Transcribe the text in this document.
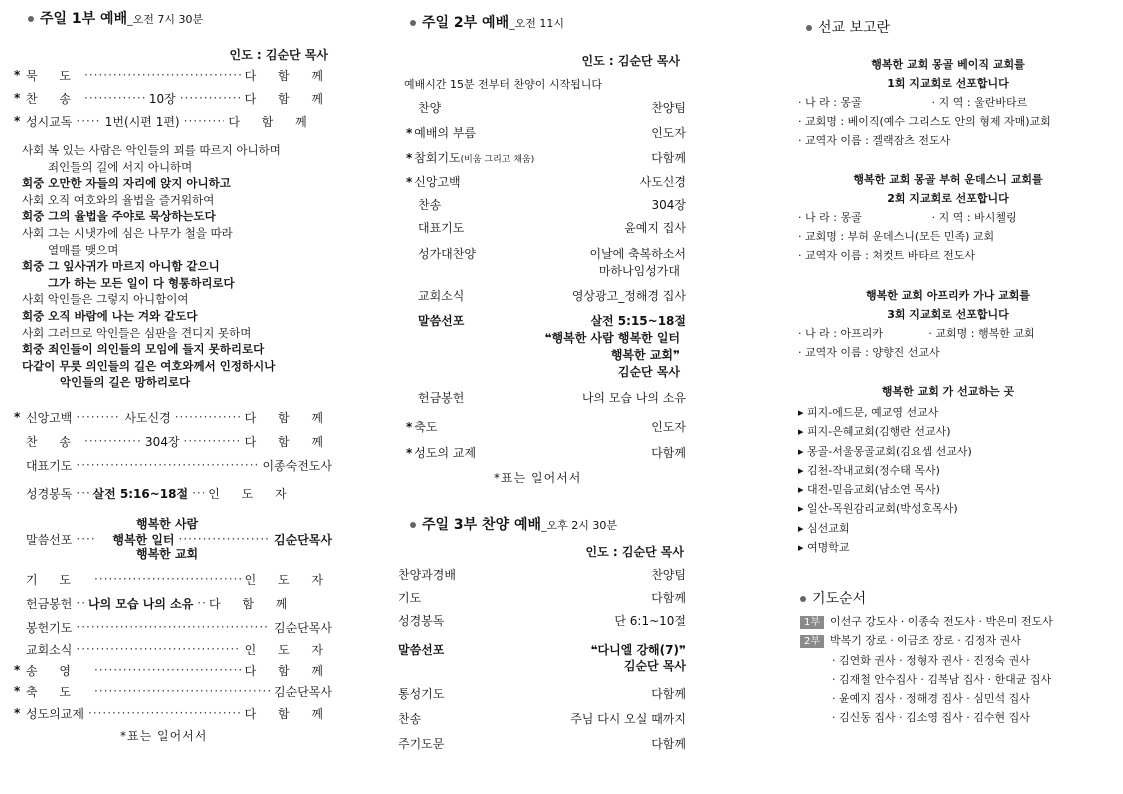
주일 1부 예배_오전 7시 30분
인도 : 김순단 목사
* 묵 도 ·····	다 함 께
* 찬 송 ·····	10장 ·····	다 함 께
* 성시교독 ·····	1번(시편 1편) ·····	다 함 께
사회 복 있는 사람은 악인들의 꾀를 따르지 아니하며
죄인들의 길에 서지 아니하며
회중 오만한 자들의 자리에 앉지 아니하고
사회 오직 여호와의 율법을 즐거워하여
회중 그의 율법을 주야로 묵상하는도다
사회 그는 시냇가에 심은 나무가 철을 따라
열매를 맺으며
회중 그 잎사귀가 마르지 아니함 같으니
그가 하는 모든 일이 다 형통하리로다
사회 악인들은 그렇지 아니함이여
회중 오직 바람에 나는 겨와 같도다
사회 그러므로 악인들은 심판을 견디지 못하며
회중 죄인들이 의인들의 모임에 들지 못하리로다
다같이 무릇 의인들의 길은 여호와께서 인정하시나
악인들의 길은 망하리로다
* 신앙고백 ·····	사도신경 ·····	다 함 께
찬 송 ·····	304장 ·····	다 함 께
대표기도 ·····	이종숙전도사
성경봉독 ····· 살전 5:16~18절 ····· 인 도 자
행복한 사람
말씀선포 ·····	행복한 일터 ·····	김순단목사
행복한 교회
기 도 ·····	인 도 자
헌금봉헌 ····· 나의 모습 나의 소유 ····· 다 함 께
봉헌기도 ·····	김순단목사
교회소식 ·····	인 도 자
* 송 영 ·····	다 함 께
* 축 도 ·····	김순단목사
* 성도의교제 ·····	다 함 께
*표는 일어서서
주일 2부 예배_오전 11시
인도 : 김순단 목사
예배시간 15분 전부터 찬양이 시작됩니다
찬양	찬양팀
* 예배의 부름	인도자
* 참회기도(비움 그리고 채움)	다함께
* 신앙고백	사도신경
찬송	304장
대표기도	윤예지 집사
성가대찬양	이날에 축복하소서
마하나임성가대
교회소식	영상광고_정해경 집사
말씀선포	살전 5:15~18절
❝행복한 사람 행복한 일터
행복한 교회❞
김순단 목사
헌금봉헌	나의 모습 나의 소유
* 축도	인도자
* 성도의 교제	다함께
*표는 일어서서
주일 3부 찬양 예배_오후 2시 30분
인도 : 김순단 목사
찬양과경배	찬양팀
기도	다함께
성경봉독	단 6:1~10절
말씀선포	❝다니엘 강해(7)❞
김순단 목사
통성기도	다함께
찬송	주님 다시 오실 때까지
주기도문	다함께
선교 보고란
행복한 교회 몽골 베이직 교회를
1회 지교회로 선포합니다
· 나 라 : 몽골                    · 지 역 : 울란바타르
· 교회명 : 베이직(예수 그리스도 안의 형제 자매)교회
· 교역자 이름 : 겔랙잠츠 전도사
행복한 교회 몽골 부허 운데스니 교회를
2회 지교회로 선포합니다
· 나 라 : 몽골                    · 지 역 : 바시첼링
· 교회명 : 부허 운데스니(모든 민족) 교회
· 교역자 이름 : 쳐컷트 바타르 전도사
행복한 교회 아프리카 가나 교회를
3회 지교회로 선포합니다
· 나 라 : 아프리카             · 교회명 : 행복한 교회
· 교역자 이름 : 양향진 선교사
행복한 교회 가 선교하는 곳
▸ 피지-에드문, 예교영 선교사
▸ 피지-은혜교회(김행란 선교사)
▸ 몽골-서울몽골교회(김요셉 선교사)
▸ 김천-작내교회(정수태 목사)
▸ 대전-믿음교회(남소연 목사)
▸ 일산-목원감리교회(박성호목사)
▸ 심선교회
▸ 여명학교
기도순서
1부 이선구 강도사 · 이종숙 전도사 · 박은미 전도사
2부 박복기 장로 · 이금조 장로 · 김정자 권사
· 김연화 권사 · 정형자 권사 · 진정숙 권사
· 김재철 안수집사 · 김복남 집사 · 한대균 집사
· 윤예지 집사 · 정해경 집사 · 심민석 집사
· 김신동 집사 · 김소영 집사 · 김수현 집사
